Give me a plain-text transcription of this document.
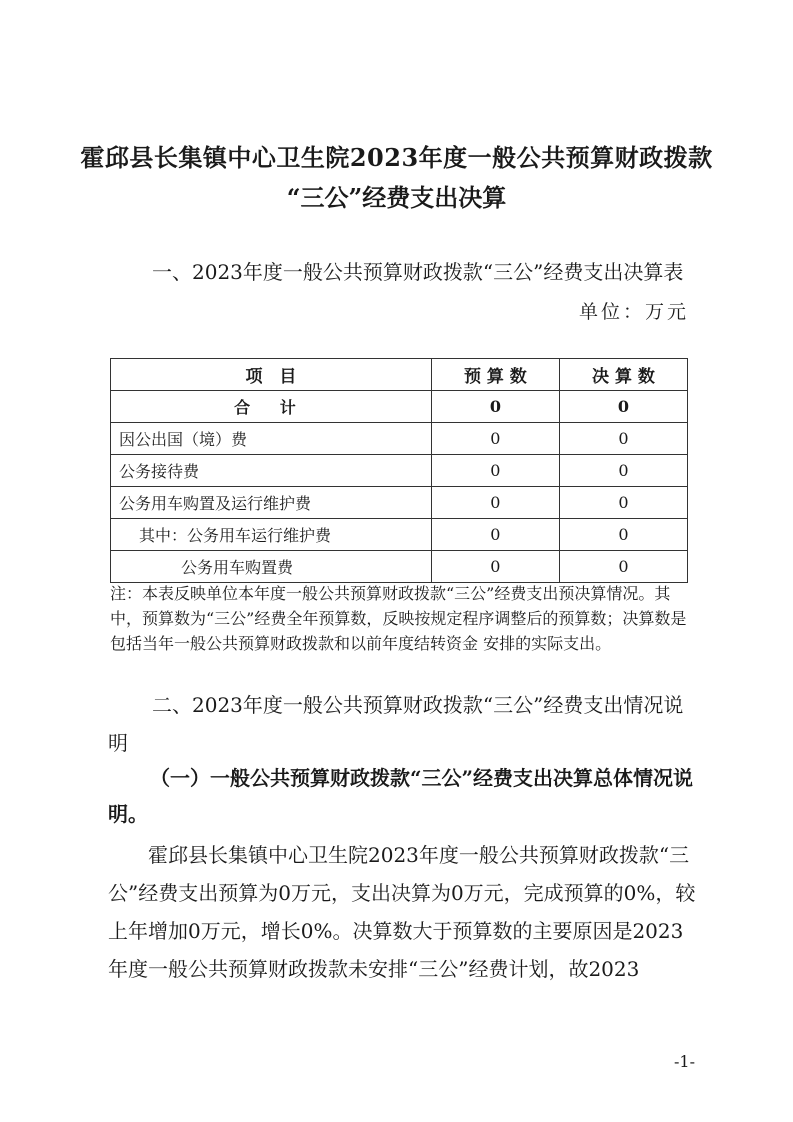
霍邱县长集镇中心卫生院2023年度一般公共预算财政拨款
“三公”经费支出决算
一、2023年度一般公共预算财政拨款“三公”经费支出决算表
单位：万元
项　目	预 算 数	决 算 数
合 计	0	0
因公出国（境）费	0	0
公务接待费	0	0
公务用车购置及运行维护费	0	0
其中：公务用车运行维护费	0	0
公务用车购置费	0	0
注：本表反映单位本年度一般公共预算财政拨款“三公”经费支出预决算情况。其中，预算数为“三公”经费全年预算数，反映按规定程序调整后的预算数；决算数是包括当年一般公共预算财政拨款和以前年度结转资金 安排的实际支出。
二、2023年度一般公共预算财政拨款“三公”经费支出情况说明
（一）一般公共预算财政拨款“三公”经费支出决算总体情况说明。
霍邱县长集镇中心卫生院2023年度一般公共预算财政拨款“三公”经费支出预算为0万元，支出决算为0万元，完成预算的0%，较上年增加0万元，增长0%。决算数大于预算数的主要原因是2023年度一般公共预算财政拨款未安排“三公”经费计划，故2023
-1-
